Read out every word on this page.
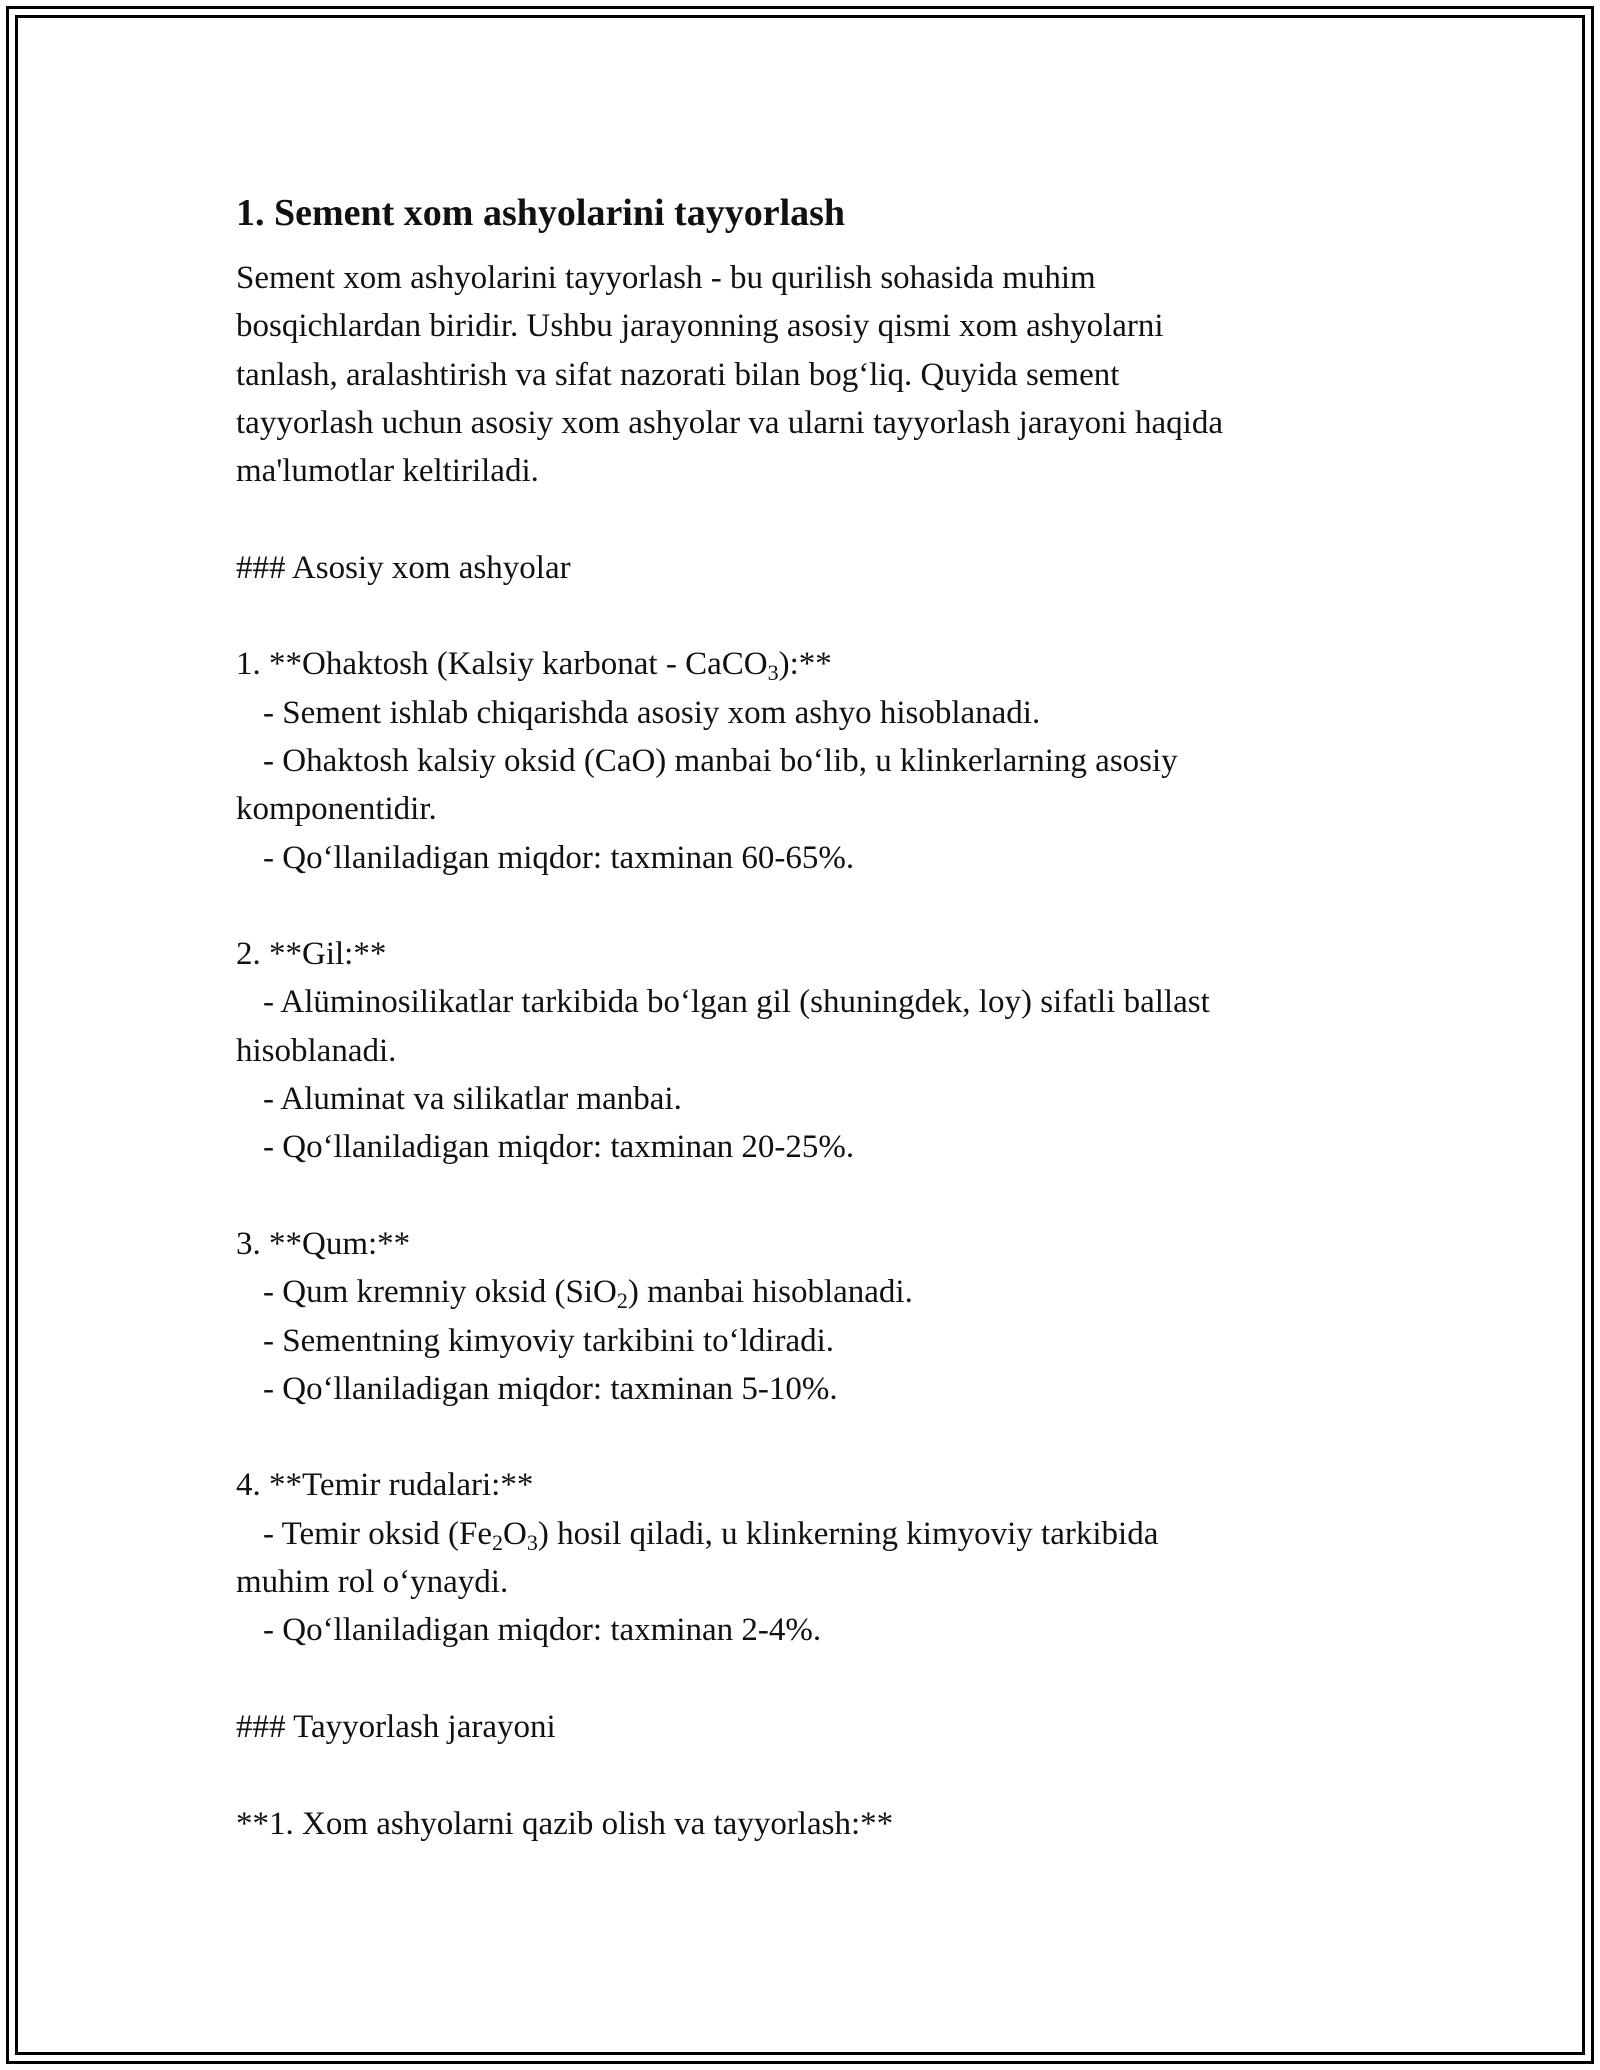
1. Sement xom ashyolarini tayyorlash
Sement xom ashyolarini tayyorlash - bu qurilish sohasida muhim
bosqichlardan biridir. Ushbu jarayonning asosiy qismi xom ashyolarni
tanlash, aralashtirish va sifat nazorati bilan bog‘liq. Quyida sement
tayyorlash uchun asosiy xom ashyolar va ularni tayyorlash jarayoni haqida
ma'lumotlar keltiriladi.
### Asosiy xom ashyolar
1. **Ohaktosh (Kalsiy karbonat - CaCO$_3$):**
- Sement ishlab chiqarishda asosiy xom ashyo hisoblanadi.
- Ohaktosh kalsiy oksid (CaO) manbai bo‘lib, u klinkerlarning asosiy
komponentidir.
- Qo‘llaniladigan miqdor: taxminan 60-65%.
2. **Gil:**
- Alüminosilikatlar tarkibida bo‘lgan gil (shuningdek, loy) sifatli ballast
hisoblanadi.
- Aluminat va silikatlar manbai.
- Qo‘llaniladigan miqdor: taxminan 20-25%.
3. **Qum:**
- Qum kremniy oksid (SiO$_2$) manbai hisoblanadi.
- Sementning kimyoviy tarkibini to‘ldiradi.
- Qo‘llaniladigan miqdor: taxminan 5-10%.
4. **Temir rudalari:**
- Temir oksid $(Fe_2O_3)$ hosil qiladi, u klinkerning kimyoviy tarkibida
muhim rol o‘ynaydi.
- Qo‘llaniladigan miqdor: taxminan 2-4%.
### Tayyorlash jarayoni
**1. Xom ashyolarni qazib olish va tayyorlash:**
